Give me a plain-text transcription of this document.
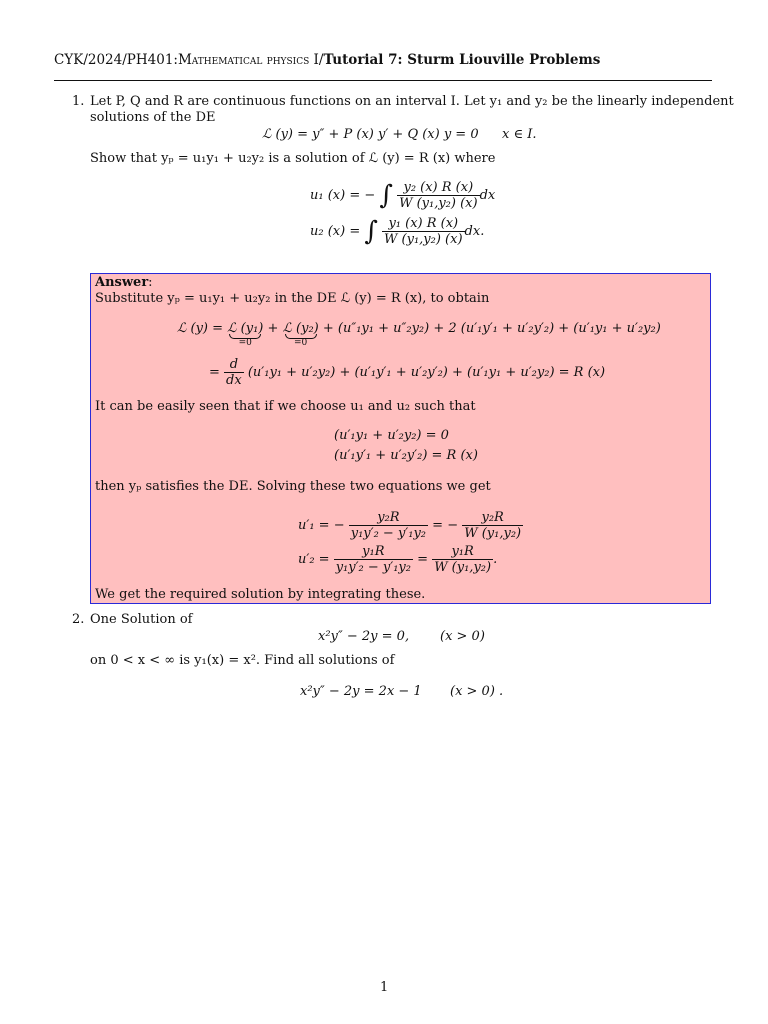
CYK/2024/PH401:Mathematical physics I/Tutorial 7: Sturm Liouville Problems
1. Let P, Q and R are continuous functions on an interval I. Let y₁ and y₂ be the linearly independent
solutions of the DE
ℒ (y) = y″ + P (x) y′ + Q (x) y = 0 x ∈ I.
Show that yₚ = u₁y₁ + u₂y₂ is a solution of ℒ (y) = R (x) where
u₁ (x) = − ∫ $\frac{\text{y₂ (x) R (x)}}{\text{W (y₁,y₂) (x)}}$ dx
u₂ (x) = ∫ $\frac{\text{y₁ (x) R (x)}}{\text{W (y₁,y₂) (x)}}$ dx.
Answer:
Substitute yₚ = u₁y₁ + u₂y₂ in the DE ℒ (y) = R (x), to obtain
ℒ (y) = ℒ (y₁)
=0
+ ℒ (y₂)
=0
+ (u″₁y₁ + u″₂y₂) + 2 (u′₁y′₁ + u′₂y′₂) + (u′₁y₁ + u′₂y₂)
= $\frac{d}{dx} (u'_1y_1 + u'_2y_2) + (u'_1y'_1 + u'_2y'_2) + (u'_1y_1 + u'_2y_2) = R$ (x)
It can be easily seen that if we choose u₁ and u₂ such that
(u′₁y₁ + u′₂y₂) = 0
(u′₁y′₁ + u′₂y′₂) = R (x)
then yₚ satisfies the DE. Solving these two equations we get
u′₁ = − $\frac{\text{y₂R}}{\text{y₁y′₂ − y′₁y₂}}$ = − $\frac{\text{y₂R}}{\text{W (y₁,y₂)}}$
$u'_2 = \frac{\text{y₁R}}{\text{y₁y′₂ − y′₁y₂}} = \frac{\text{y₁R}}{\text{W (y₁,y₂)}}$ .
We get the required solution by integrating these.
2. One Solution of
x²y″ − 2y = 0, (x > 0)
on 0 < x < ∞ is y₁(x) = x². Find all solutions of
x²y″ − 2y = 2x − 1 (x > 0) .
1
